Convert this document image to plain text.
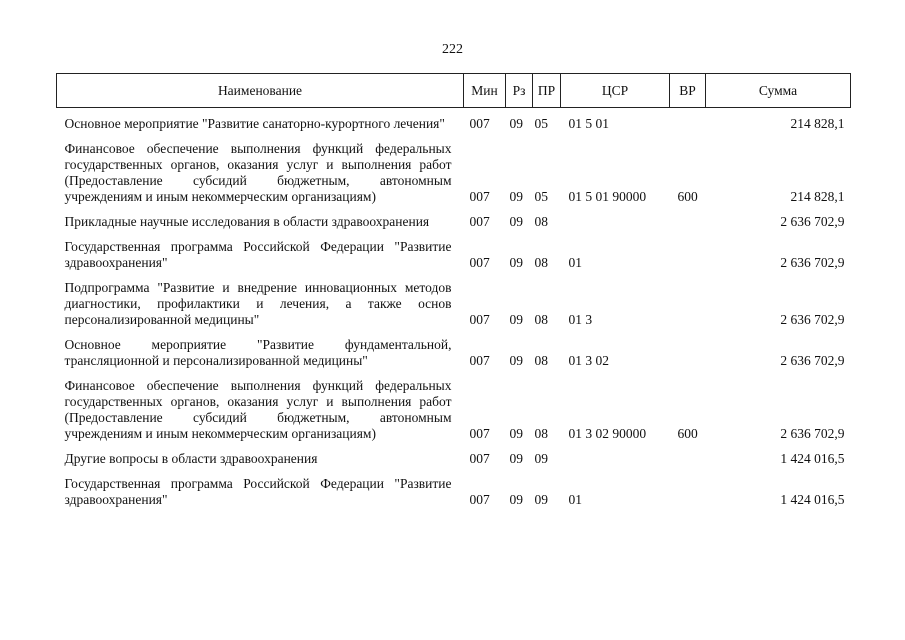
222
Наименование	Мин	Рз	ПР	ЦСР	ВР	Сумма
Основное мероприятие "Развитие санаторно-курортного лечения"	007	09	05	01 5 01		214 828,1
Финансовое обеспечение выполнения функций федеральных государственных органов, оказания услуг и выполнения работ (Предоставление субсидий бюджетным, автономным учреждениям и иным некоммерческим организациям)	007	09	05	01 5 01 90000	600	214 828,1
Прикладные научные исследования в области здравоохранения	007	09	08			2 636 702,9
Государственная программа Российской Федерации "Развитие здравоохранения"	007	09	08	01		2 636 702,9
Подпрограмма "Развитие и внедрение инновационных методов диагностики, профилактики и лечения, а также основ персонализированной медицины"	007	09	08	01 3		2 636 702,9
Основное мероприятие "Развитие фундаментальной, трансляционной и персонализированной медицины"	007	09	08	01 3 02		2 636 702,9
Финансовое обеспечение выполнения функций федеральных государственных органов, оказания услуг и выполнения работ (Предоставление субсидий бюджетным, автономным учреждениям и иным некоммерческим организациям)	007	09	08	01 3 02 90000	600	2 636 702,9
Другие вопросы в области здравоохранения	007	09	09			1 424 016,5
Государственная программа Российской Федерации "Развитие здравоохранения"	007	09	09	01		1 424 016,5
